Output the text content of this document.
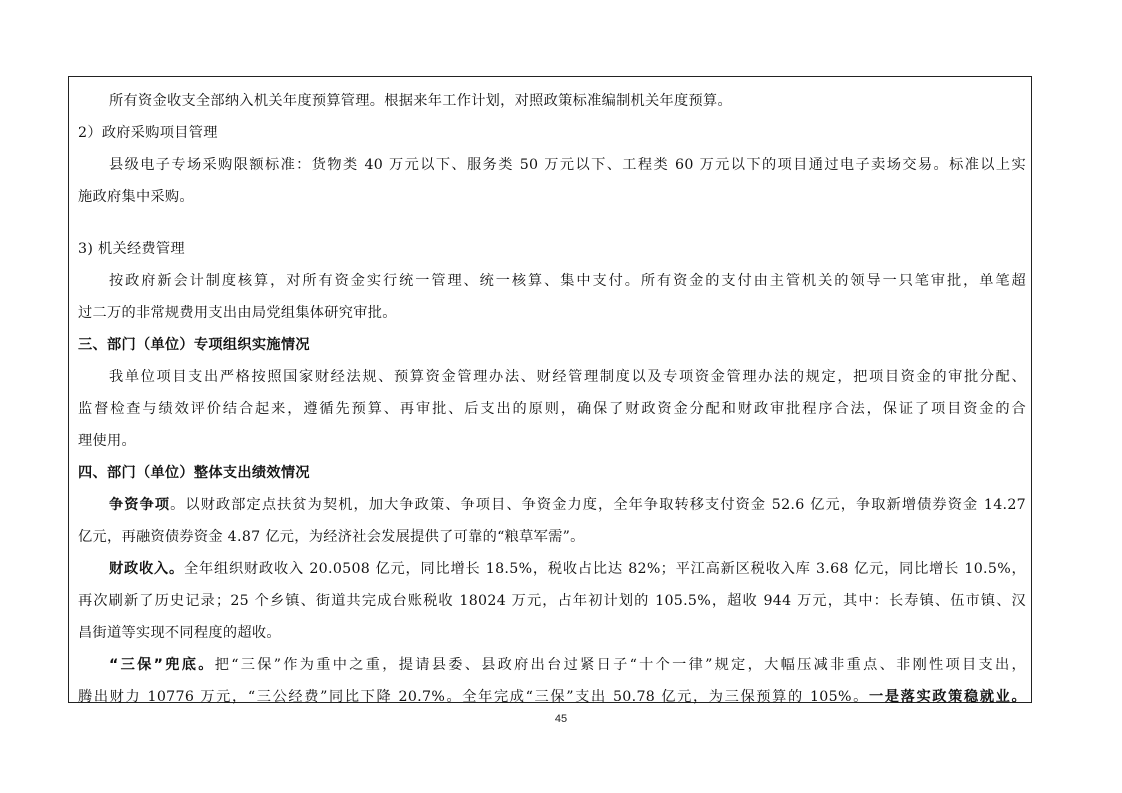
所有资金收支全部纳入机关年度预算管理。根据来年工作计划，对照政策标准编制机关年度预算。
2）政府采购项目管理
县级电子专场采购限额标准：货物类 40 万元以下、服务类 50 万元以下、工程类 60 万元以下的项目通过电子卖场交易。标准以上实
施政府集中采购。
3) 机关经费管理
按政府新会计制度核算，对所有资金实行统一管理、统一核算、集中支付。所有资金的支付由主管机关的领导一只笔审批，单笔超
过二万的非常规费用支出由局党组集体研究审批。
三、部门（单位）专项组织实施情况
我单位项目支出严格按照国家财经法规、预算资金管理办法、财经管理制度以及专项资金管理办法的规定，把项目资金的审批分配、
监督检查与绩效评价结合起来，遵循先预算、再审批、后支出的原则，确保了财政资金分配和财政审批程序合法，保证了项目资金的合
理使用。
四、部门（单位）整体支出绩效情况
争资争项。以财政部定点扶贫为契机，加大争政策、争项目、争资金力度，全年争取转移支付资金 52.6 亿元，争取新增债券资金 14.27
亿元，再融资债券资金 4.87 亿元，为经济社会发展提供了可靠的“粮草军需”。
财政收入。全年组织财政收入 20.0508 亿元，同比增长 18.5%，税收占比达 82%；平江高新区税收入库 3.68 亿元，同比增长 10.5%，
再次刷新了历史记录；25 个乡镇、街道共完成台账税收 18024 万元，占年初计划的 105.5%，超收 944 万元，其中：长寿镇、伍市镇、汉
昌街道等实现不同程度的超收。
“三保”兜底。把“三保”作为重中之重，提请县委、县政府出台过紧日子“十个一律”规定，大幅压减非重点、非刚性项目支出，
腾出财力 10776 万元，“三公经费”同比下降 20.7%。全年完成“三保”支出 50.78 亿元，为三保预算的 105%。一是落实政策稳就业。
45
